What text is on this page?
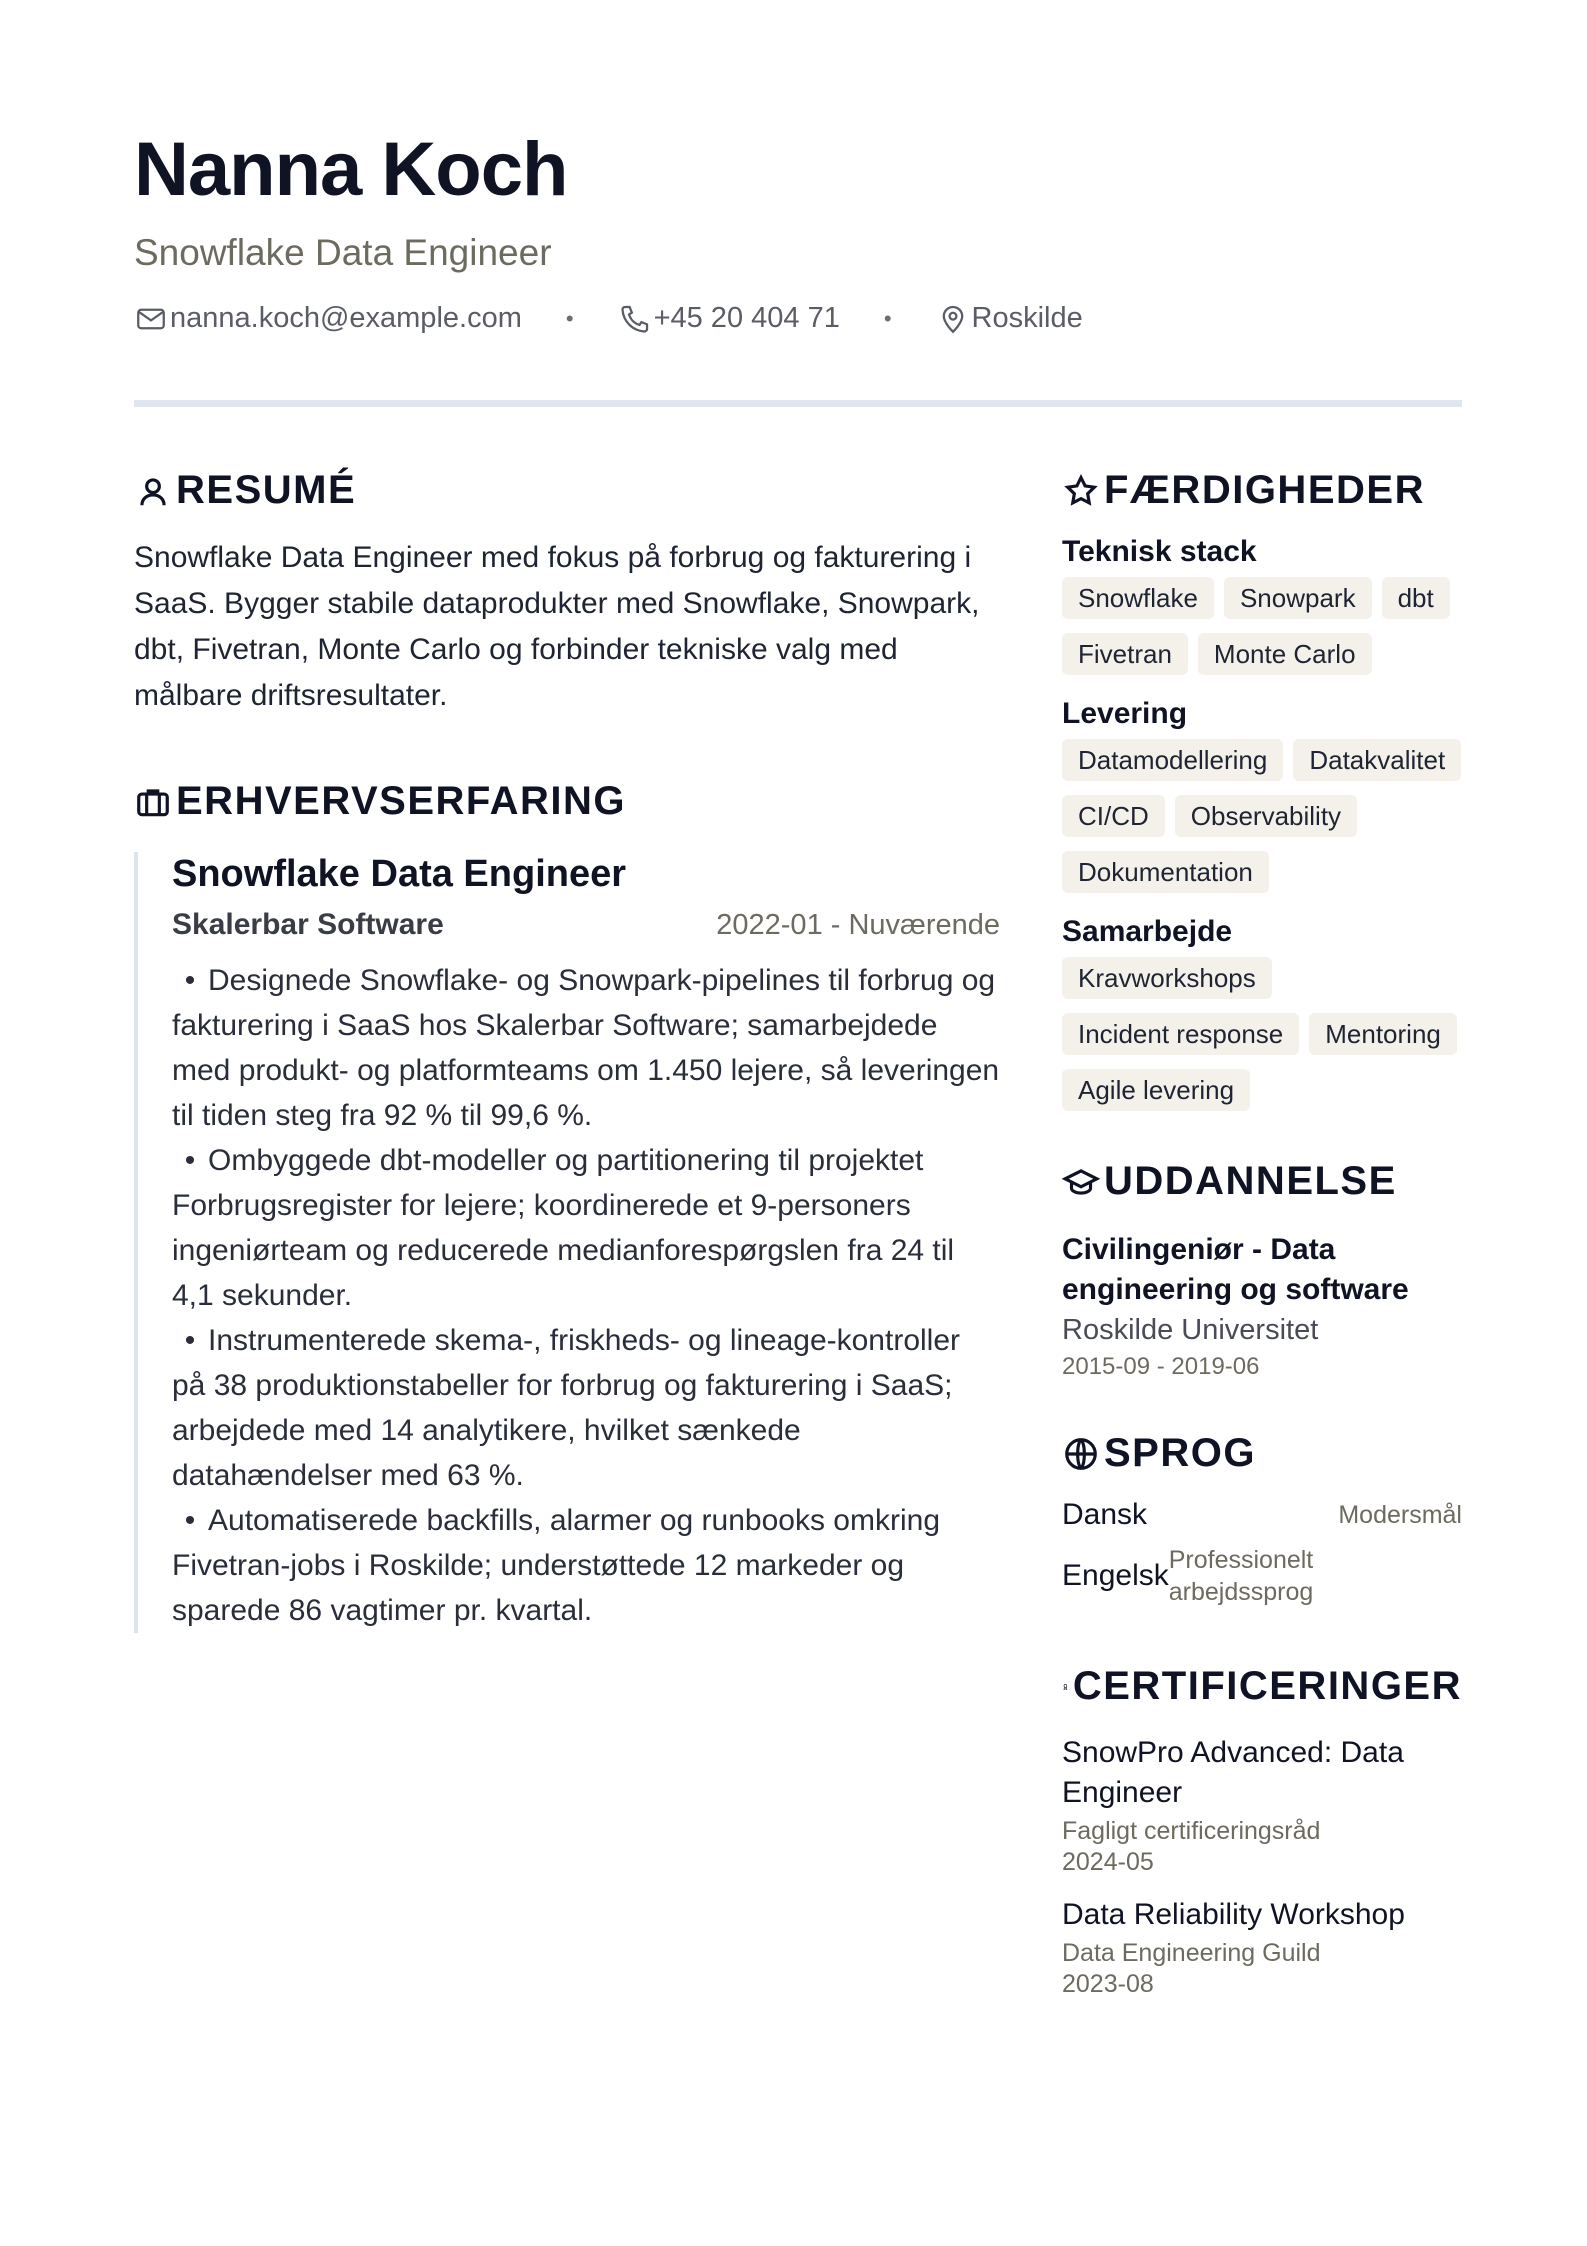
Nanna Koch
Snowflake Data Engineer
nanna.koch@example.com •	+45 20 404 71 •	Roskilde
RESUMÉ
Snowflake Data Engineer med fokus på forbrug og fakturering i SaaS. Bygger stabile dataprodukter med Snowflake, Snowpark, dbt, Fivetran, Monte Carlo og forbinder tekniske valg med målbare driftsresultater.
ERHVERVSERFARING
Snowflake Data Engineer
Skalerbar Software	2022-01 - Nuværende
• Designede Snowflake- og Snowpark-pipelines til forbrug og fakturering i SaaS hos Skalerbar Software; samarbejdede med produkt- og platformteams om 1.450 lejere, så leveringen til tiden steg fra 92 % til 99,6 %.
• Ombyggede dbt-modeller og partitionering til projektet Forbrugsregister for lejere; koordinerede et 9-personers ingeniørteam og reducerede medianforespørgslen fra 24 til 4,1 sekunder.
• Instrumenterede skema-, friskheds- og lineage-kontroller på 38 produktionstabeller for forbrug og fakturering i SaaS; arbejdede med 14 analytikere, hvilket sænkede datahændelser med 63 %.
• Automatiserede backfills, alarmer og runbooks omkring Fivetran-jobs i Roskilde; understøttede 12 markeder og sparede 86 vagtimer pr. kvartal.
FÆRDIGHEDER
Teknisk stack
Snowflake	Snowpark	dbt
Fivetran	Monte Carlo
Levering
Datamodellering	Datakvalitet
CI/CD	Observability
Dokumentation
Samarbejde
Kravworkshops
Incident response	Mentoring
Agile levering
UDDANNELSE
Civilingeniør - Data engineering og software
Roskilde Universitet
2015-09 - 2019-06
SPROG
Dansk	Modersmål
Engelsk Professionelt arbejdssprog
CERTIFICERINGER
SnowPro Advanced: Data Engineer
Fagligt certificeringsråd
2024-05
Data Reliability Workshop
Data Engineering Guild
2023-08
